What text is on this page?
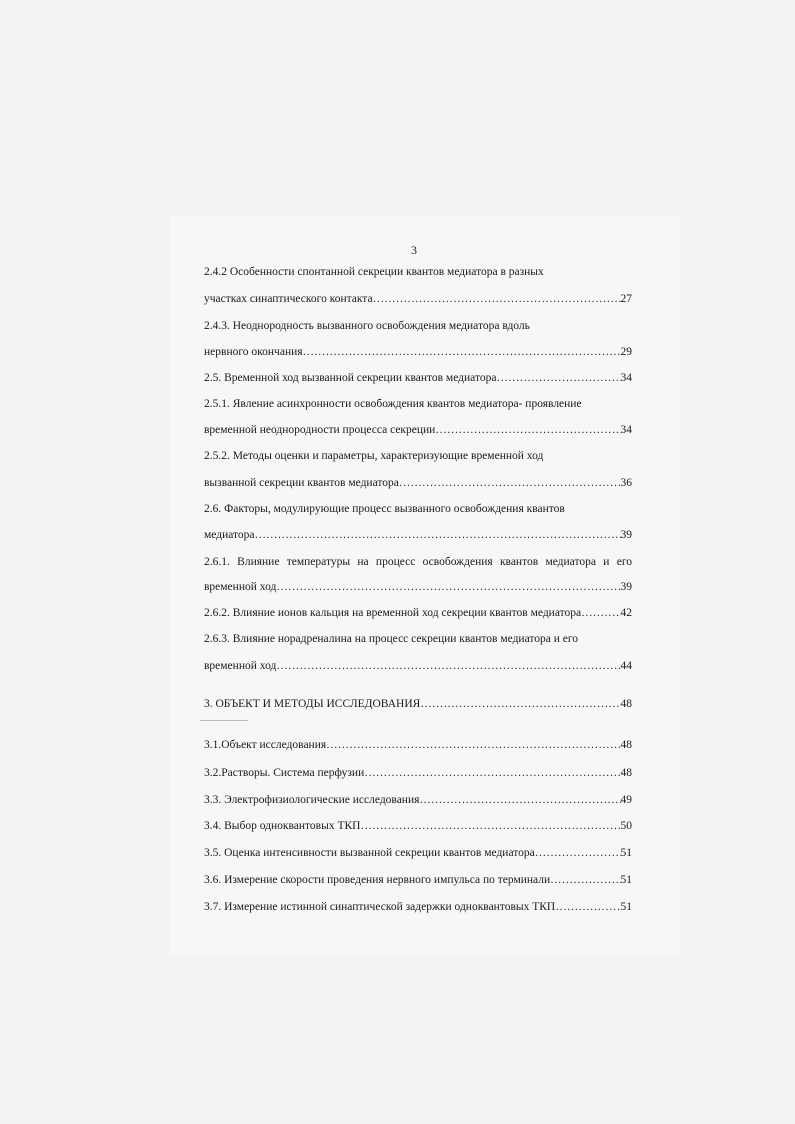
3
2.4.2 Особенности спонтанной секреции квантов медиатора в разных
участках синаптического контакта ……………………………………………………………………………………………………………………………………………………………	27
2.4.3. Неоднородность вызванного освобождения медиатора вдоль
нервного окончания ……………………………………………………………………………………………………………………………………………………………	29
2.5. Временной ход вызванной секреции квантов медиатора ……………………………………………………………………………………………………………………………………………………………	34
2.5.1. Явление асинхронности освобождения квантов медиатора- проявление
временной неоднородности процесса секреции ……………………………………………………………………………………………………………………………………………………………	34
2.5.2. Методы оценки и параметры, характеризующие временной ход
вызванной секреции квантов медиатора ……………………………………………………………………………………………………………………………………………………………	36
2.6. Факторы, модулирующие процесс вызванного освобождения квантов
медиатора ……………………………………………………………………………………………………………………………………………………………	39
2.6.1. Влияние температуры на процесс освобождения квантов медиатора и его
временной ход ……………………………………………………………………………………………………………………………………………………………	39
2.6.2. Влияние ионов кальция на временной ход секреции квантов медиатора ……………………………………………………………………………………………………………………………………………………………	42
2.6.3. Влияние норадреналина на процесс секреции квантов медиатора и его
временной ход ……………………………………………………………………………………………………………………………………………………………	44
3. ОБЪЕКТ И МЕТОДЫ ИССЛЕДОВАНИЯ ……………………………………………………………………………………………………………………………………………………………	48
3.1.Объект исследования ……………………………………………………………………………………………………………………………………………………………	48
3.2.Растворы. Система перфузии ……………………………………………………………………………………………………………………………………………………………	48
3.3. Электрофизиологические исследования ……………………………………………………………………………………………………………………………………………………………	49
3.4. Выбор одноквантовых ТКП ……………………………………………………………………………………………………………………………………………………………	50
3.5. Оценка интенсивности вызванной секреции квантов медиатора ……………………………………………………………………………………………………………………………………………………………	51
3.6. Измерение скорости проведения нервного импульса по терминали ……………………………………………………………………………………………………………………………………………………………	51
3.7. Измерение истинной синаптической задержки одноквантовых ТКП ……………………………………………………………………………………………………………………………………………………………	51
